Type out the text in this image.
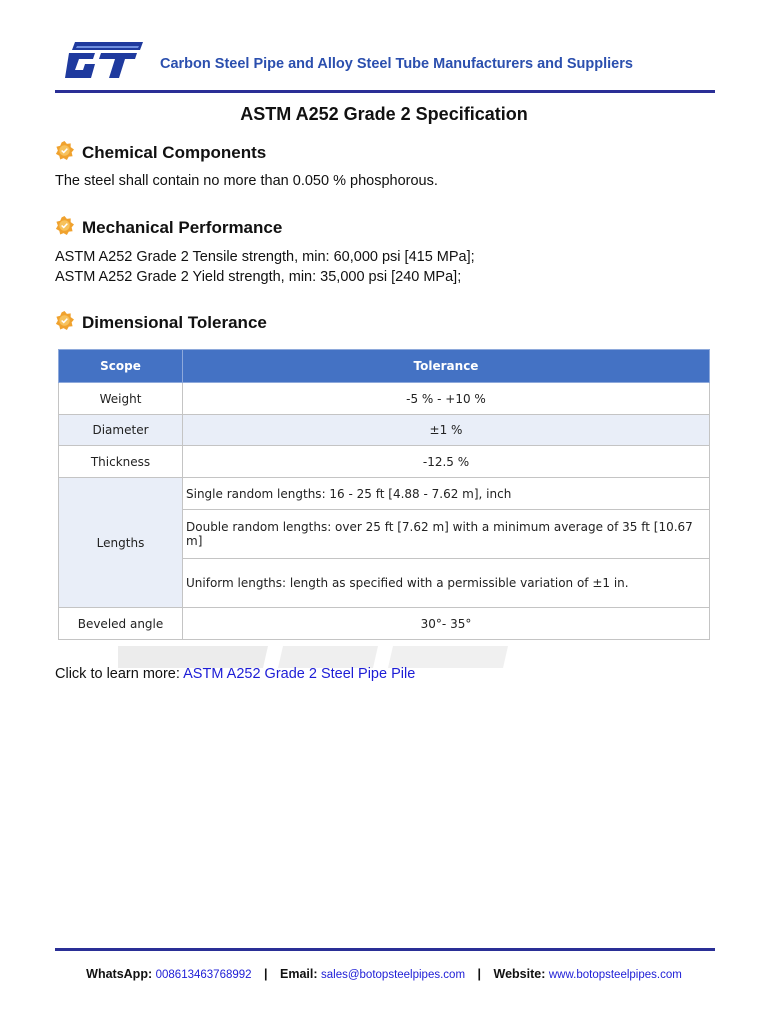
Carbon Steel Pipe and Alloy Steel Tube Manufacturers and Suppliers
ASTM A252 Grade 2 Specification
Chemical Components
The steel shall contain no more than 0.050 % phosphorous.
Mechanical Performance
ASTM A252 Grade 2 Tensile strength, min: 60,000 psi [415 MPa];
ASTM A252 Grade 2 Yield strength, min: 35,000 psi [240 MPa];
Dimensional Tolerance
Scope	Tolerance
Weight	-5 % - +10 %
Diameter	±1 %
Thickness	-12.5 %
Lengths	Single random lengths: 16 - 25 ft [4.88 - 7.62 m], inch
	Double random lengths: over 25 ft [7.62 m] with a minimum average of 35 ft [10.67 m]
	Uniform lengths: length as specified with a permissible variation of ±1 in.
Beveled angle	30°- 35°
Click to learn more: ASTM A252 Grade 2 Steel Pipe Pile
WhatsApp: 008613463768992 | Email: sales@botopsteelpipes.com | Website: www.botopsteelpipes.com
